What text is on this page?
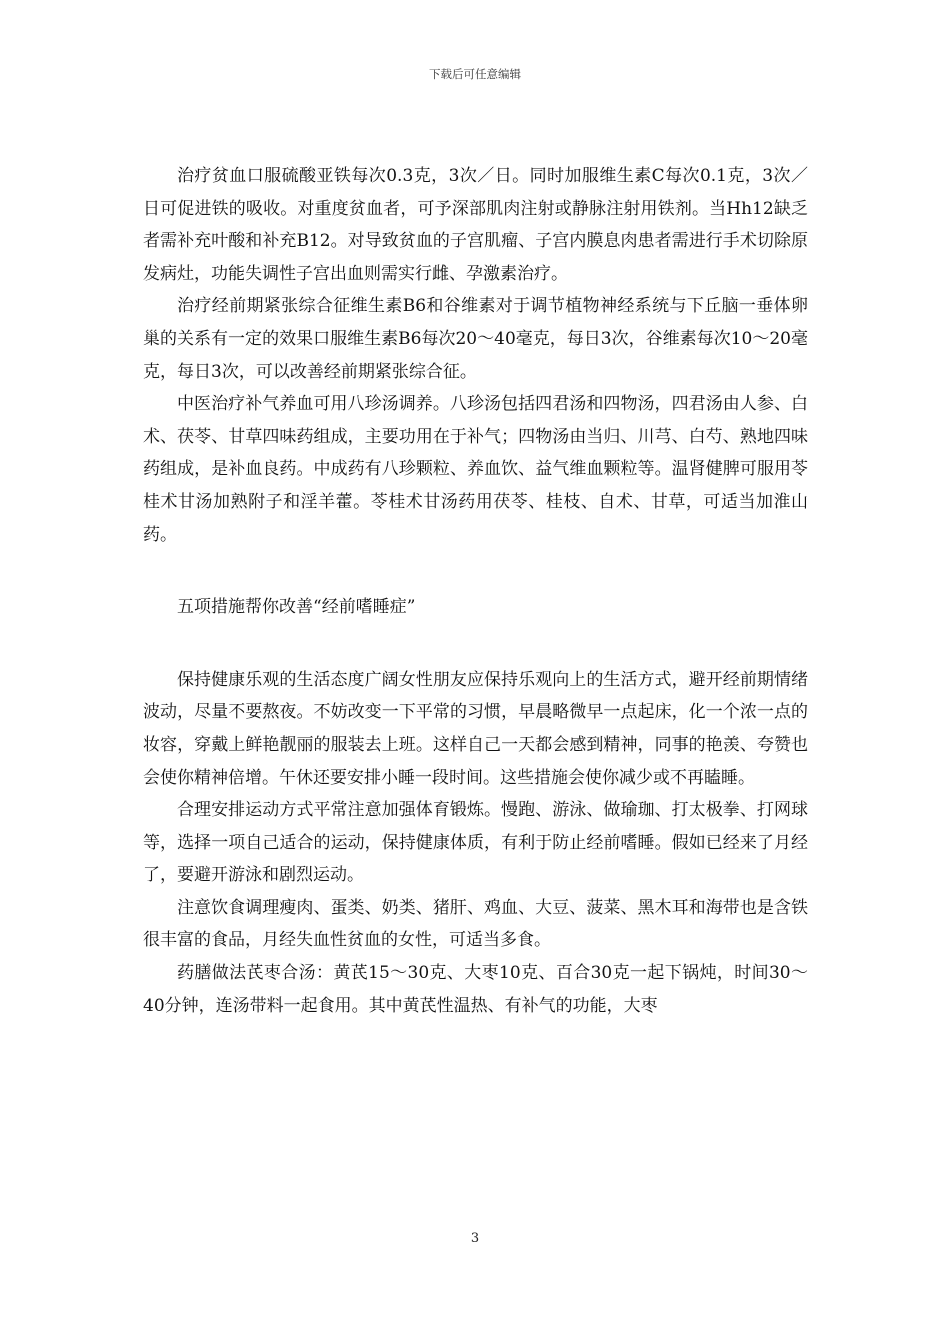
下载后可任意编辑

治疗贫血口服硫酸亚铁每次0.3克，3次／日。同时加服维生素C每次0.1克，3次／日可促进铁的吸收。对重度贫血者，可予深部肌肉注射或静脉注射用铁剂。当Hh12缺乏者需补充叶酸和补充B12。对导致贫血的子宫肌瘤、子宫内膜息肉患者需进行手术切除原发病灶，功能失调性子宫出血则需实行雌、孕激素治疗。

治疗经前期紧张综合征维生素B6和谷维素对于调节植物神经系统与下丘脑一垂体卵巢的关系有一定的效果口服维生素B6每次20～40毫克，每日3次，谷维素每次10～20毫克，每日3次，可以改善经前期紧张综合征。

中医治疗补气养血可用八珍汤调养。八珍汤包括四君汤和四物汤，四君汤由人参、白术、茯苓、甘草四味药组成，主要功用在于补气；四物汤由当归、川芎、白芍、熟地四味药组成，是补血良药。中成药有八珍颗粒、养血饮、益气维血颗粒等。温肾健脾可服用苓桂术甘汤加熟附子和淫羊藿。苓桂术甘汤药用茯苓、桂枝、自术、甘草，可适当加淮山药。

五项措施帮你改善“经前嗜睡症”

保持健康乐观的生活态度广阔女性朋友应保持乐观向上的生活方式，避开经前期情绪波动，尽量不要熬夜。不妨改变一下平常的习惯，早晨略微早一点起床，化一个浓一点的妆容，穿戴上鲜艳靓丽的服装去上班。这样自己一天都会感到精神，同事的艳羡、夸赞也会使你精神倍增。午休还要安排小睡一段时间。这些措施会使你减少或不再瞌睡。

合理安排运动方式平常注意加强体育锻炼。慢跑、游泳、做瑜珈、打太极拳、打网球等，选择一项自己适合的运动，保持健康体质，有利于防止经前嗜睡。假如已经来了月经了，要避开游泳和剧烈运动。

注意饮食调理瘦肉、蛋类、奶类、猪肝、鸡血、大豆、菠菜、黑木耳和海带也是含铁很丰富的食品，月经失血性贫血的女性，可适当多食。

药膳做法芪枣合汤：黄芪15～30克、大枣10克、百合30克一起下锅炖，时间30～40分钟，连汤带料一起食用。其中黄芪性温热、有补气的功能，大枣

3
